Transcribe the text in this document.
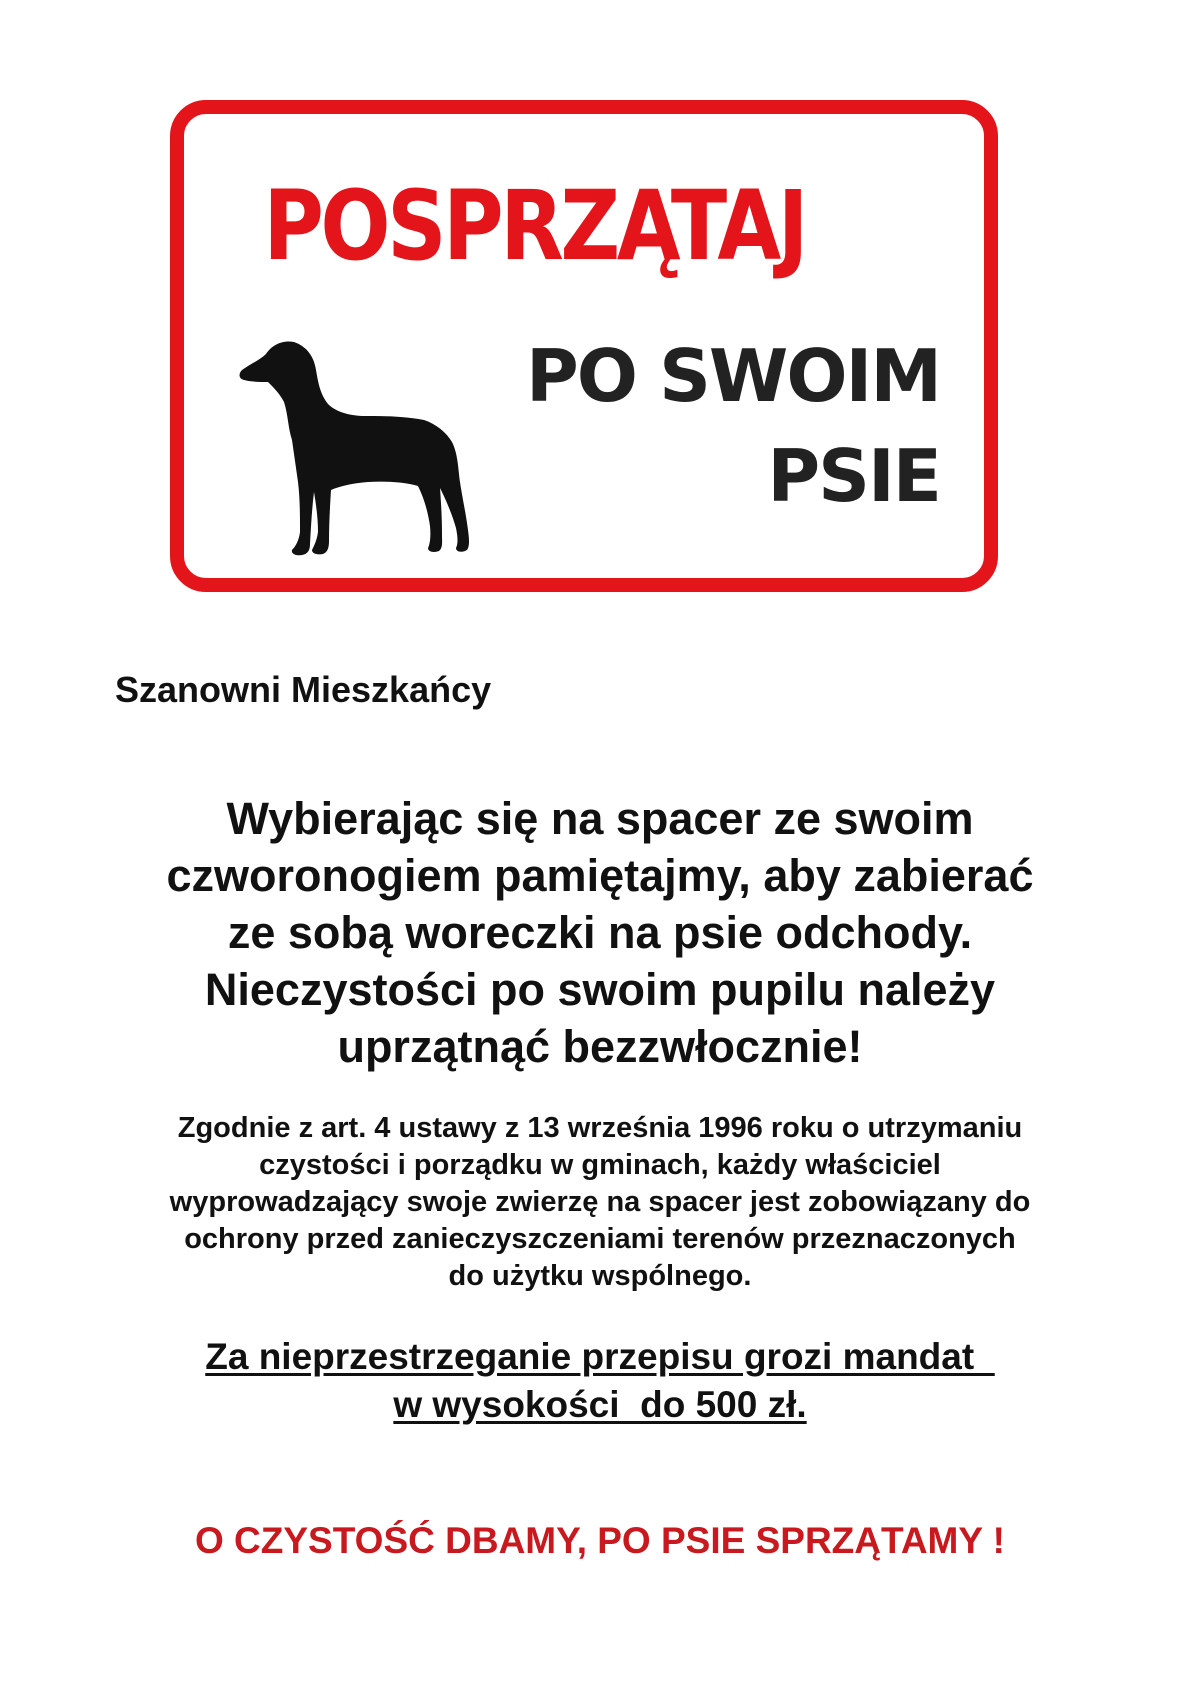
POSPRZĄTAJ
PO SWOIM
PSIE
Szanowni Mieszkańcy
Wybierając się na spacer ze swoim
czworonogiem pamiętajmy, aby zabierać
ze sobą woreczki na psie odchody.
Nieczystości po swoim pupilu należy
uprzątnąć bezzwłocznie!
Zgodnie z art. 4 ustawy z 13 września 1996 roku o utrzymaniu
czystości i porządku w gminach, każdy właściciel
wyprowadzający swoje zwierzę na spacer jest zobowiązany do
ochrony przed zanieczyszczeniami terenów przeznaczonych
do użytku wspólnego.
Za nieprzestrzeganie przepisu grozi mandat
w wysokości  do 500 zł.
O CZYSTOŚĆ DBAMY, PO PSIE SPRZĄTAMY !
